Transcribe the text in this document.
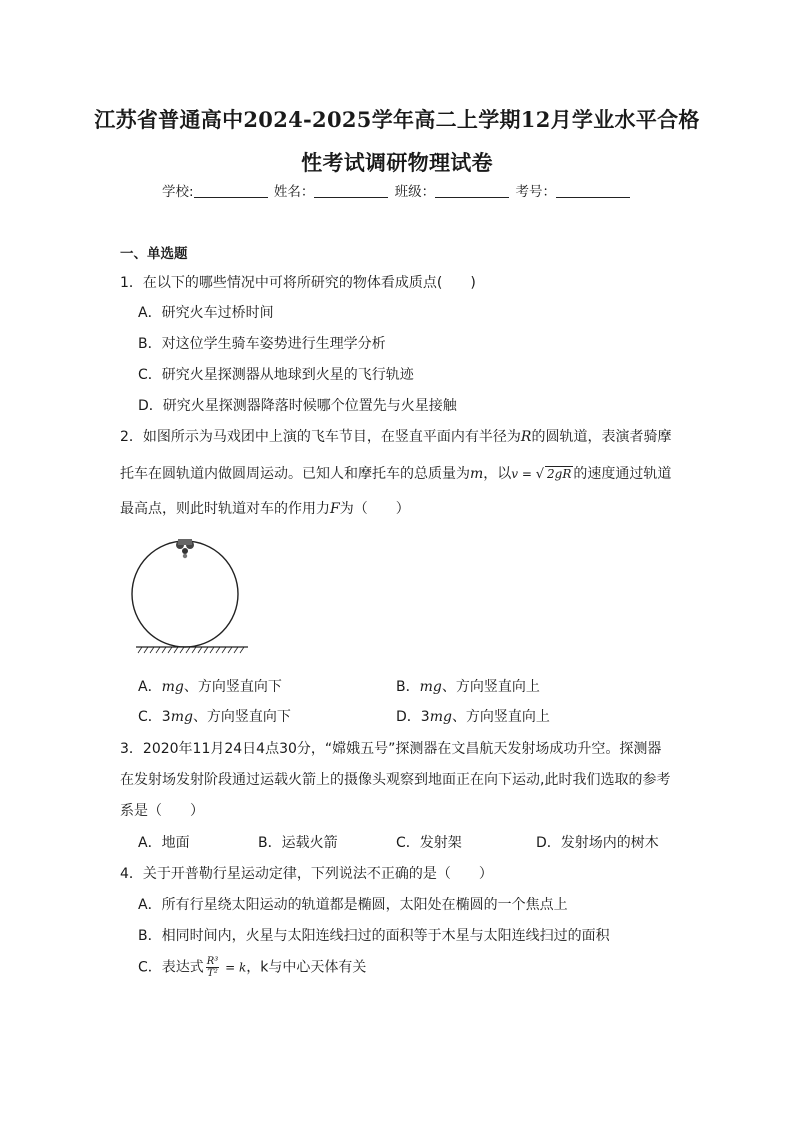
江苏省普通高中2024-2025学年高二上学期12月学业水平合格
性考试调研物理试卷
学校:	姓名：	班级：	考号：
一、单选题
1．在以下的哪些情况中可将所研究的物体看成质点(　　)
A．研究火车过桥时间
B．对这位学生骑车姿势进行生理学分析
C．研究火星探测器从地球到火星的飞行轨迹
D．研究火星探测器降落时候哪个位置先与火星接触
2．如图所示为马戏团中上演的飞车节目，在竖直平面内有半径为R的圆轨道，表演者骑摩
托车在圆轨道内做圆周运动。已知人和摩托车的总质量为m，以v = √ 2gR 的速度通过轨道
最高点，则此时轨道对车的作用力F为（　　）
A．mg、方向竖直向下	B．mg、方向竖直向上
C．3mg、方向竖直向下	D．3mg、方向竖直向上
3．2020年11月24日4点30分，“嫦娥五号”探测器在文昌航天发射场成功升空。探测器
在发射场发射阶段通过运载火箭上的摄像头观察到地面正在向下运动,此时我们选取的参考
系是（　　）
A．地面	B．运载火箭	C．发射架	D．发射场内的树木
4．关于开普勒行星运动定律，下列说法不正确的是（　　）
A．所有行星绕太阳运动的轨道都是椭圆，太阳处在椭圆的一个焦点上
B．相同时间内，火星与太阳连线扫过的面积等于木星与太阳连线扫过的面积
C．表达式 $\frac{\text{R³}}{\text{T²}} = k$，k与中心天体有关
